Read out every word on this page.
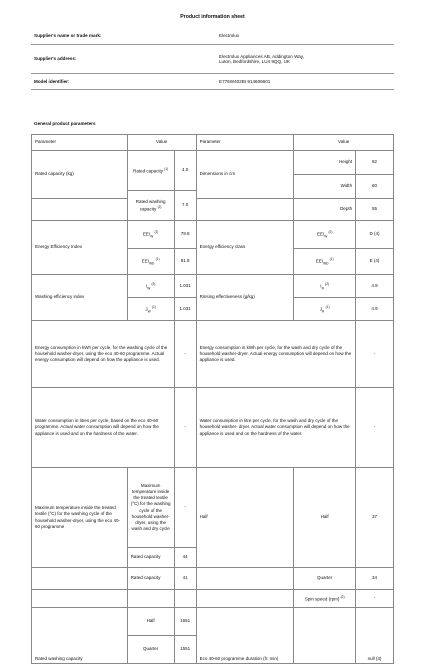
Product information sheet
Supplier's name or trade mark:	Electrolux
Supplier's address:	Electrolux Appliances AB, Addington Way,
Luton, Bedfordshire, LU4 9QQ, UK

Model identifier:	E776W402BI 914606601
General product parameters
Parameter	Value		Parameter	Value	
Rated capacity (kg)	Rated capacity $^{(1)}$	4.0	Dimensions in cm	Height	82
				Width	60
	Rated washing capacity $^{(2)}$	7.0			
				Depth	55
Energy Efficiency Index	$EEI_W$ $^{(2)}$	79.8	Energy efficiency class	$EEI_W$ $^{(2)}$	D (4)
	$EEI_{WD}$ $^{(1)}$	81.8		$EEI_{WD}$ $^{(1)}$	E (4)
Washing efficiency index	$I_W$ $^{(2)}$	1.031	Rinsing effectiveness (g/kg)	$I_R$ $^{(2)}$	4.9
	$J_W$ $^{(1)}$	1.031		$J_R$ $^{(1)}$	4.9
Energy consumption in kWh per cycle, for the washing cycle of the household washer-dryer, using the eco 40-60 programme. Actual energy consumption will depend on how the appliance is used.		-	Energy consumption in kWh per cycle, for the wash and dry cycle of the household washer-dryer. Actual energy consumption will depend on how the appliance is used.		-
Water consumption in litres per cycle, based on the eco 40-60 programme. Actual water consumption will depend on how the appliance is used and on the hardness of the water.		-	Water consumption in litre per cycle, for the wash and dry cycle of the household washer- dryer. Actual water consumption will depend on how the appliance is used and on the hardness of the water.		-
Maximum temperature inside the treated textile (°C) for the washing cycle of the household washer-dryer, using the eco 40-60 programme	Maximum temperature inside the treated textile (°C) for the washing cycle of the household washer-dryer, using the wash and dry cycle	-	Half	Half	37
	Rated capacity	44			
	Rated capacity	41		Quarter	34
				Spin speed (rpm) $^{(2)}$	-
Rated washing capacity	Half	1551	Eco 40-60 programme duration (h: min)		null (4)
	Quarter	1551			
